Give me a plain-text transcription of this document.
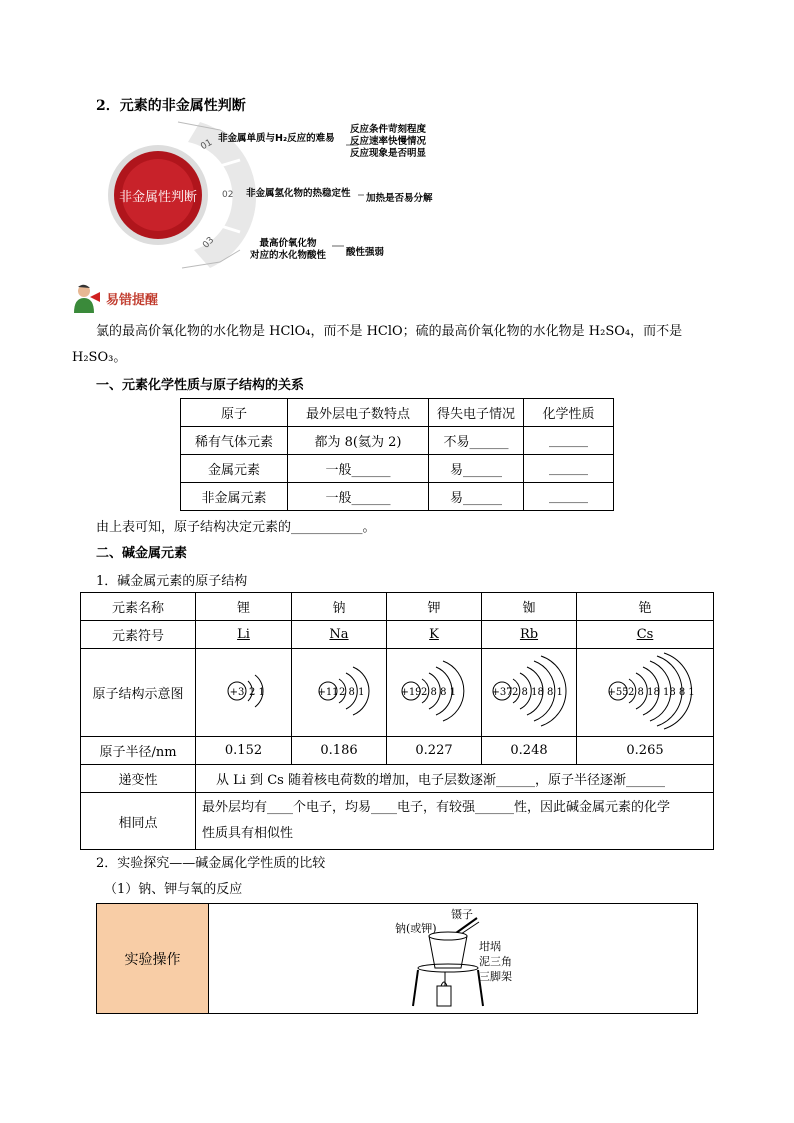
2．元素的非金属性判断
非金属性判断
01
02
03
非金属单质与H₂反应的难易
反应条件苛刻程度
反应速率快慢情况
反应现象是否明显
非金属氢化物的热稳定性 加热是否易分解
最高价氧化物
对应的水化物酸性 酸性强弱
易错提醒
氯的最高价氧化物的水化物是 HClO₄，而不是 HClO；硫的最高价氧化物的水化物是 H₂SO₄，而不是
H₂SO₃。
一、元素化学性质与原子结构的关系
原子	最外层电子数特点	得失电子情况	化学性质
稀有气体元素	都为 8(氦为 2)	不易______	______
金属元素	一般______	易______	______
非金属元素	一般______	易______	______
由上表可知，原子结构决定元素的___________。
二、碱金属元素
1．碱金属元素的原子结构
元素名称	锂	钠	钾	铷	铯
元素符号	Li	Na	K	Rb	Cs
原子结构示意图	+3 2 1	+11 2 8 1	+19 2 8 8 1	+37 2 8 18 8 1	+55 2 8 18 18 8 1

原子半径/nm	0.152	0.186	0.227	0.248	0.265
递变性	从 Li 到 Cs 随着核电荷数的增加，电子层数逐渐______，原子半径逐渐______				
相同点	最外层均有____个电子，均易____电子，有较强______性，因此碱金属元素的化学
性质具有相似性				
2．实验探究——碱金属化学性质的比较
（1）钠、钾与氧的反应
实验操作
镊子
钠(或钾)
坩埚
泥三角
三脚架
